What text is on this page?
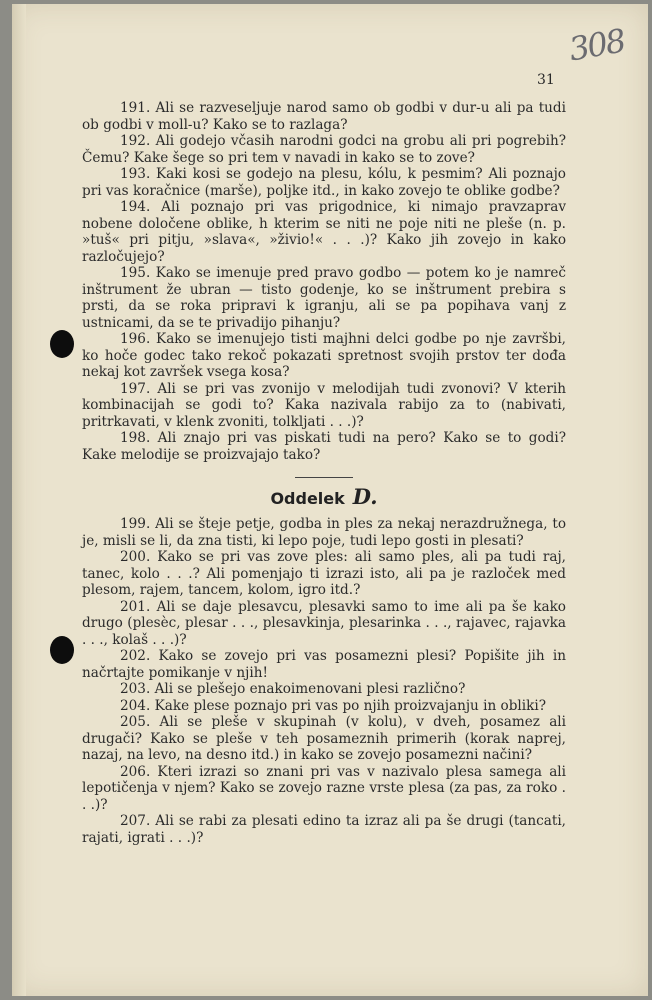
308
31

191. Ali se razveseljuje narod samo ob godbi v dur-u ali pa tudi ob godbi v moll-u? Kako se to razlaga?

192. Ali godejo včasih narodni godci na grobu ali pri pogrebih? Čemu? Kake šege so pri tem v navadi in kako se to zove?

193. Kaki kosi se godejo na plesu, kólu, k pesmim? Ali poznajo pri vas koračnice (marše), poljke itd., in kako zovejo te oblike godbe?

194. Ali poznajo pri vas prigodnice, ki nimajo pravzaprav nobene določene oblike, h kterim se niti ne poje niti ne pleše (n. p. »tuš« pri pitju, »slava«, »živio!« . . .)? Kako jih zovejo in kako razločujejo?

195. Kako se imenuje pred pravo godbo — potem ko je namreč inštrument že ubran — tisto godenje, ko se inštrument prebira s prsti, da se roka pripravi k igranju, ali se pa popihava vanj z ustnicami, da se te privadijo pihanju?

196. Kako se imenujejo tisti majhni delci godbe po nje završbi, ko hoče godec tako rekoč pokazati spretnost svojih prstov ter dođa nekaj kot završek vsega kosa?

197. Ali se pri vas zvonijo v melodijah tudi zvonovi? V kterih kombinacijah se godi to? Kaka nazivala rabijo za to (nabivati, pritrkavati, v klenk zvoniti, tolkljati . . .)?

198. Ali znajo pri vas piskati tudi na pero? Kako se to godi? Kake melodije se proizvajajo tako?

Oddelek D.

199. Ali se šteje petje, godba in ples za nekaj nerazdružnega, to je, misli se li, da zna tisti, ki lepo poje, tudi lepo gosti in plesati?

200. Kako se pri vas zove ples: ali samo ples, ali pa tudi raj, tanec, kolo . . .? Ali pomenjajo ti izrazi isto, ali pa je razloček med plesom, rajem, tancem, kolom, igro itd.?

201. Ali se daje plesavcu, plesavki samo to ime ali pa še kako drugo (plesèc, plesar . . ., plesavkinja, plesarinka . . ., rajavec, rajavka . . ., kolaš . . .)?

202. Kako se zovejo pri vas posamezni plesi? Popišite jih in načrtajte pomikanje v njih!

203. Ali se plešejo enakoimenovani plesi različno?

204. Kake plese poznajo pri vas po njih proizvajanju in obliki?

205. Ali se pleše v skupinah (v kolu), v dveh, posamez ali drugači? Kako se pleše v teh posameznih primerih (korak naprej, nazaj, na levo, na desno itd.) in kako se zovejo posamezni načini?

206. Kteri izrazi so znani pri vas v nazivalo plesa samega ali lepotičenja v njem? Kako se zovejo razne vrste plesa (za pas, za roko . . .)?

207. Ali se rabi za plesati edino ta izraz ali pa še drugi (tancati, rajati, igrati . . .)?
